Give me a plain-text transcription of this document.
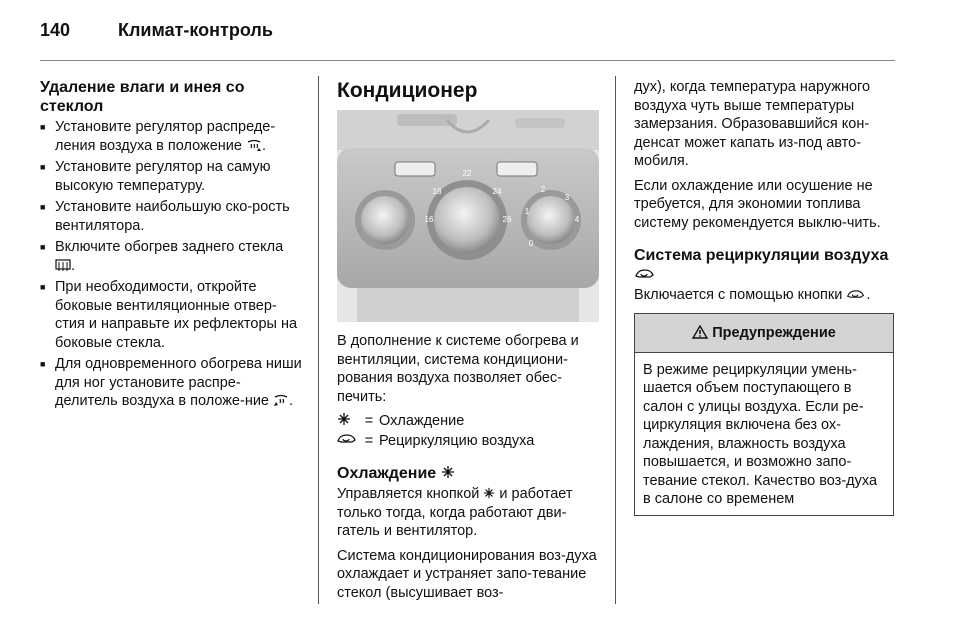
140	Климат-контроль
Удаление влаги и инея со стеклол
■ Установите регулятор распреде-ления воздуха в положение .
■ Установите регулятор на самую высокую температуру.
■ Установите наибольшую ско-рость вентилятора.
■ Включите обогрев заднего стекла .
■ При необходимости, откройте боковые вентиляционные отвер-стия и направьте их рефлекторы на боковые стекла.
■ Для одновременного обогрева ниши для ног установите распре-делитель воздуха в положе-ние .
Кондиционер
22
18	24
16	26
0
1
2
3
4

В дополнение к системе обогрева и вентиляции, система кондициони-рования воздуха позволяет обес-печить:

= Охлаждение
= Рециркуляцию воздуха
Охлаждение

Управляется кнопкой и работает только тогда, когда работают дви-гатель и вентилятор.

Система кондиционирования воз-духа охлаждает и устраняет запо-тевание стекол (высушивает воз-

дух), когда температура наружного воздуха чуть выше температуры замерзания. Образовавшийся кон-денсат может капать из-под авто-мобиля.

Если охлаждение или осушение не требуется, для экономии топлива систему рекомендуется выклю-чить.

Система рециркуляции воздуха

Включается с помощью кнопки .

Предупреждение
В режиме рециркуляции умень-шается объем поступающего в салон с улицы воздуха. Если ре-циркуляция включена без ох-лаждения, влажность воздуха повышается, и возможно запо-тевание стекол. Качество воз-духа в салоне со временем
